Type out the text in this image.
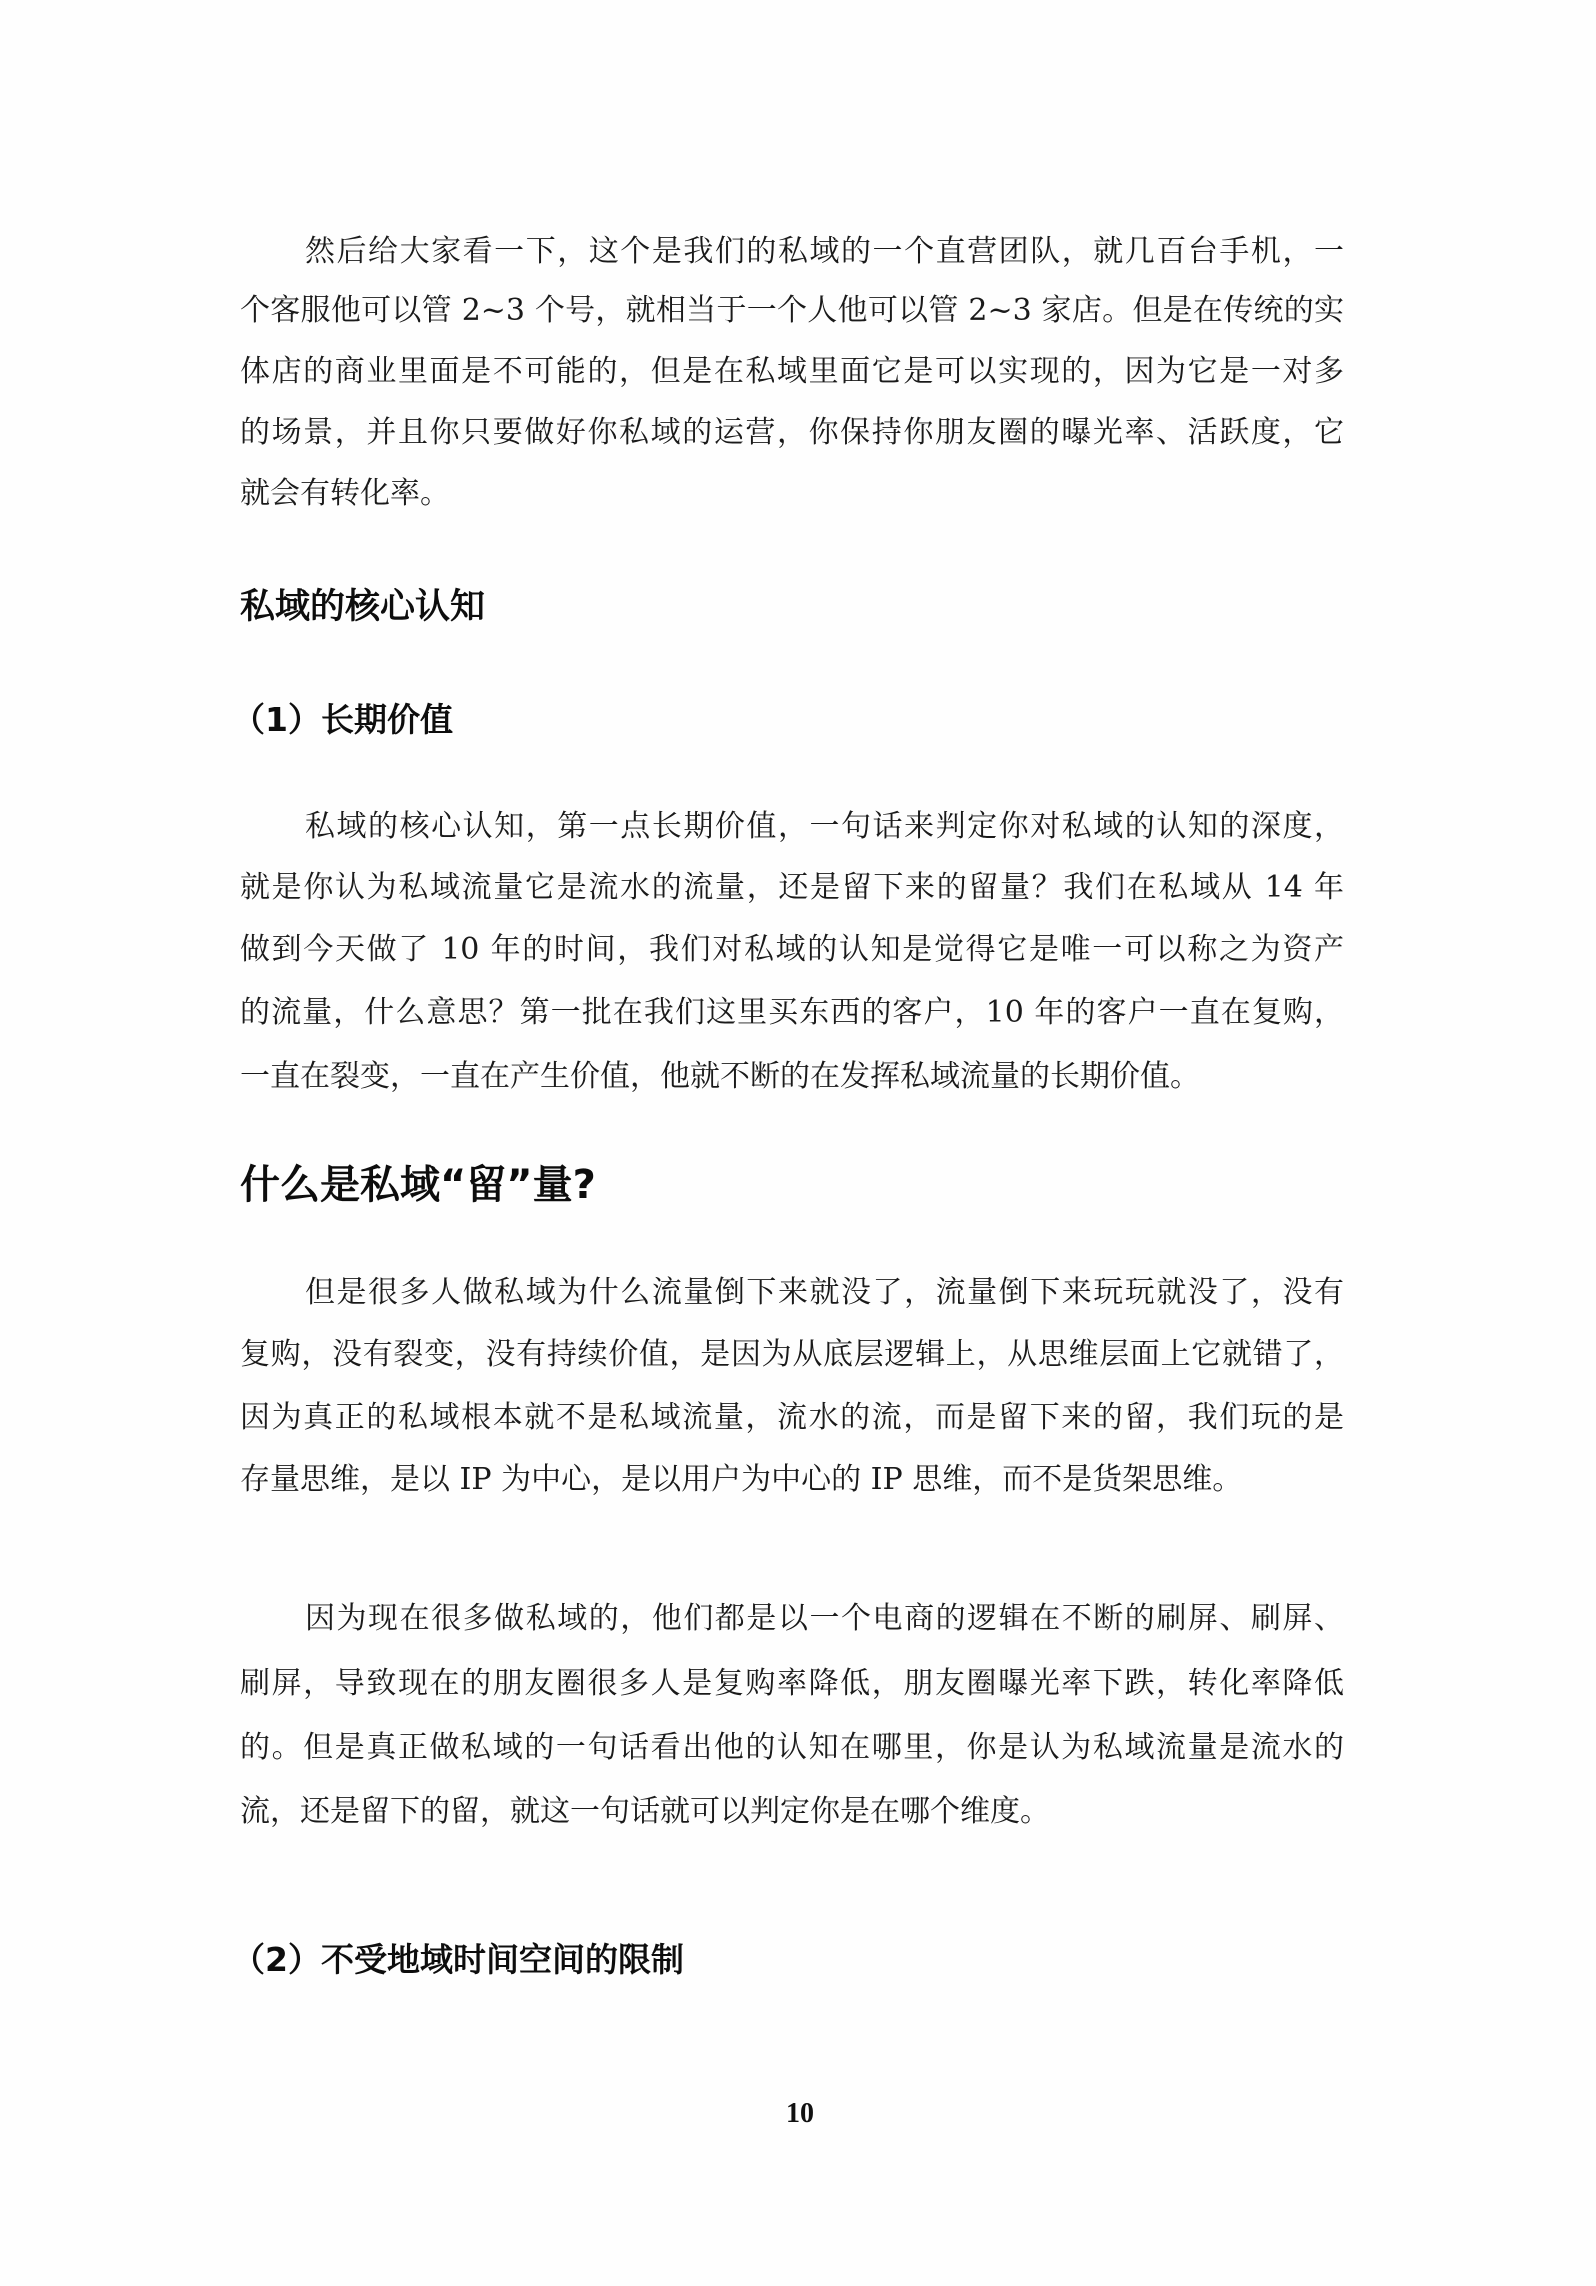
然后给大家看一下，这个是我们的私域的一个直营团队，就几百台手机，一
个客服他可以管 2~3 个号，就相当于一个人他可以管 2~3 家店。但是在传统的实
体店的商业里面是不可能的，但是在私域里面它是可以实现的，因为它是一对多
的场景，并且你只要做好你私域的运营，你保持你朋友圈的曝光率、活跃度，它
就会有转化率。
私域的核心认知
（1）长期价值
私域的核心认知，第一点长期价值，一句话来判定你对私域的认知的深度，
就是你认为私域流量它是流水的流量，还是留下来的留量？我们在私域从 14 年
做到今天做了 10 年的时间，我们对私域的认知是觉得它是唯一可以称之为资产
的流量，什么意思？第一批在我们这里买东西的客户，10 年的客户一直在复购，
一直在裂变，一直在产生价值，他就不断的在发挥私域流量的长期价值。
什么是私域“留”量?
但是很多人做私域为什么流量倒下来就没了，流量倒下来玩玩就没了，没有
复购，没有裂变，没有持续价值，是因为从底层逻辑上，从思维层面上它就错了，
因为真正的私域根本就不是私域流量，流水的流，而是留下来的留，我们玩的是
存量思维，是以 IP 为中心，是以用户为中心的 IP 思维，而不是货架思维。
因为现在很多做私域的，他们都是以一个电商的逻辑在不断的刷屏、刷屏、
刷屏，导致现在的朋友圈很多人是复购率降低，朋友圈曝光率下跌，转化率降低
的。但是真正做私域的一句话看出他的认知在哪里，你是认为私域流量是流水的
流，还是留下的留，就这一句话就可以判定你是在哪个维度。
（2）不受地域时间空间的限制
10
